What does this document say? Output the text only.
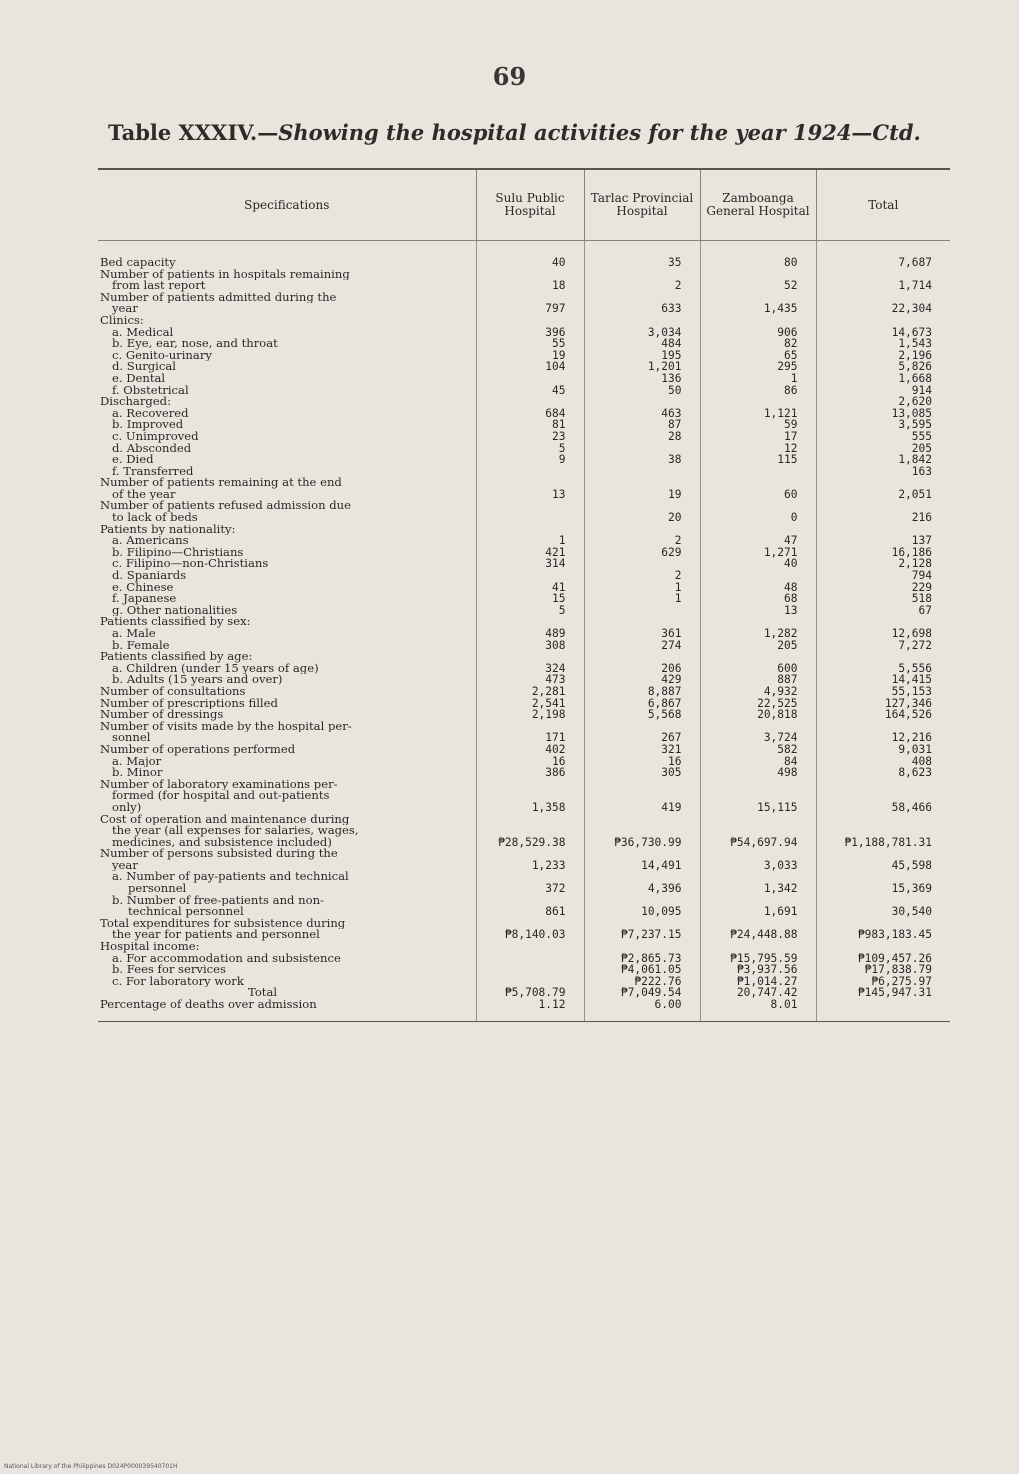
69
Table XXXIV.—Showing the hospital activities for the year 1924—Ctd.
Specifications	Sulu Public Hospital	Tarlac Provincial Hospital	Zamboanga General Hospital	Total
Bed capacity	40	35	80	7,687
Number of patients in hospitals remaining				
from last report	18	2	52	1,714
Number of patients admitted during the				
year	797	633	1,435	22,304
Clinics:				
a. Medical	396	3,034	906	14,673
b. Eye, ear, nose, and throat	55	484	82	1,543
c. Genito-urinary	19	195	65	2,196
d. Surgical	104	1,201	295	5,826
e. Dental		136	1	1,668
f. Obstetrical	45	50	86	914
Discharged:				2,620
a. Recovered	684	463	1,121	13,085
b. Improved	81	87	59	3,595
c. Unimproved	23	28	17	555
d. Absconded	5		12	205
e. Died	9	38	115	1,842
f. Transferred				163
Number of patients remaining at the end				
of the year	13	19	60	2,051
Number of patients refused admission due				
to lack of beds		20	0	216
Patients by nationality:				
a. Americans	1	2	47	137
b. Filipino—Christians	421	629	1,271	16,186
c. Filipino—non-Christians	314		40	2,128
d. Spaniards		2		794
e. Chinese	41	1	48	229
f. Japanese	15	1	68	518
g. Other nationalities	5		13	67
Patients classified by sex:				
a. Male	489	361	1,282	12,698
b. Female	308	274	205	7,272
Patients classified by age:				
a. Children (under 15 years of age)	324	206	600	5,556
b. Adults (15 years and over)	473	429	887	14,415
Number of consultations	2,281	8,887	4,932	55,153
Number of prescriptions filled	2,541	6,867	22,525	127,346
Number of dressings	2,198	5,568	20,818	164,526
Number of visits made by the hospital per-				
sonnel	171	267	3,724	12,216
Number of operations performed	402	321	582	9,031
a. Major	16	16	84	408
b. Minor	386	305	498	8,623
Number of laboratory examinations per-				
formed (for hospital and out-patients				
only)	1,358	419	15,115	58,466
Cost of operation and maintenance during				
the year (all expenses for salaries, wages,				
medicines, and subsistence included)	₱28,529.38	₱36,730.99	₱54,697.94	₱1,188,781.31
Number of persons subsisted during the				
year	1,233	14,491	3,033	45,598
a. Number of pay-patients and technical				
personnel	372	4,396	1,342	15,369
b. Number of free-patients and non-				
technical personnel	861	10,095	1,691	30,540
Total expenditures for subsistence during				
the year for patients and personnel	₱8,140.03	₱7,237.15	₱24,448.88	₱983,183.45
Hospital income:				
a. For accommodation and subsistence		₱2,865.73	₱15,795.59	₱109,457.26
b. Fees for services		₱4,061.05	₱3,937.56	₱17,838.79
c. For laboratory work		₱222.76	₱1,014.27	₱6,275.97
Total	₱5,708.79	₱7,049.54	20,747.42	₱145,947.31
Percentage of deaths over admission	1.12	6.00	8.01	
National Library of the Philippines D024P000039540701H
